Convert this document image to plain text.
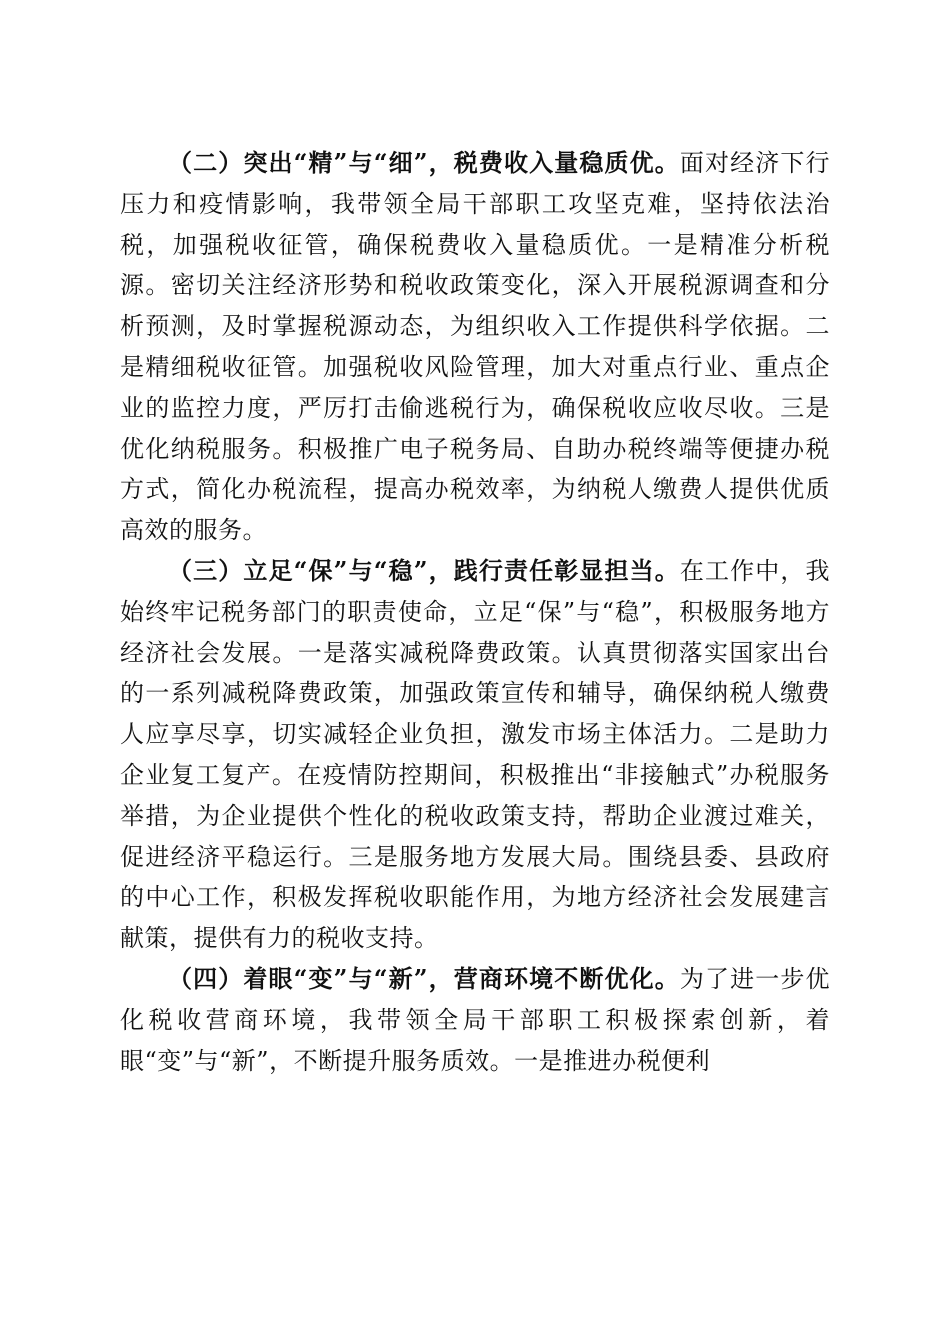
（二）突出“精”与“细”，税费收入量稳质优。面对经济下行压力和疫情影响，我带领全局干部职工攻坚克难，坚持依法治税，加强税收征管，确保税费收入量稳质优。一是精准分析税源。密切关注经济形势和税收政策变化，深入开展税源调查和分析预测，及时掌握税源动态，为组织收入工作提供科学依据。二是精细税收征管。加强税收风险管理，加大对重点行业、重点企业的监控力度，严厉打击偷逃税行为，确保税收应收尽收。三是优化纳税服务。积极推广电子税务局、自助办税终端等便捷办税方式，简化办税流程，提高办税效率，为纳税人缴费人提供优质高效的服务。

（三）立足“保”与“稳”，践行责任彰显担当。在工作中，我始终牢记税务部门的职责使命，立足“保”与“稳”，积极服务地方经济社会发展。一是落实减税降费政策。认真贯彻落实国家出台的一系列减税降费政策，加强政策宣传和辅导，确保纳税人缴费人应享尽享，切实减轻企业负担，激发市场主体活力。二是助力企业复工复产。在疫情防控期间，积极推出“非接触式”办税服务举措，为企业提供个性化的税收政策支持，帮助企业渡过难关，促进经济平稳运行。三是服务地方发展大局。围绕县委、县政府的中心工作，积极发挥税收职能作用，为地方经济社会发展建言献策，提供有力的税收支持。

（四）着眼“变”与“新”，营商环境不断优化。为了进一步优化税收营商环境，我带领全局干部职工积极探索创新，着眼“变”与“新”，不断提升服务质效。一是推进办税便利
